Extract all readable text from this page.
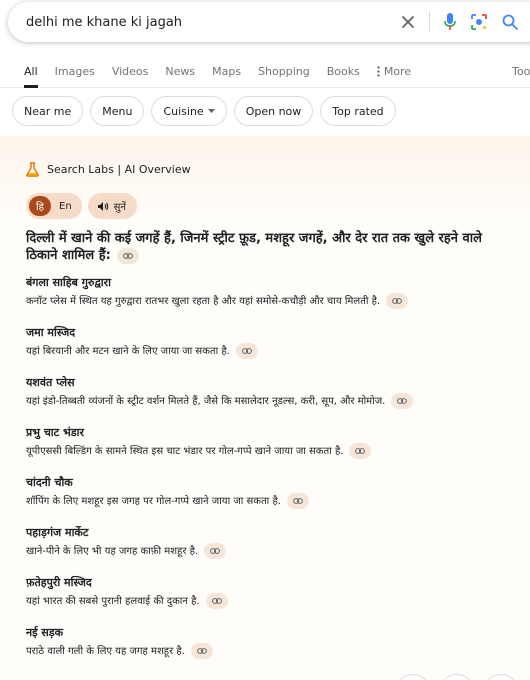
delhi me khane ki jagah
All Images Videos News Maps Shopping Books More	Too
Near me	Menu	Cuisine	Open now	Top rated
Search Labs | AI Overview
हि	En	सुनें
दिल्ली में खाने की कई जगहें हैं, जिनमें स्ट्रीट फ़ूड, मशहूर जगहें, और देर रात तक खुले रहने वाले ठिकाने शामिल हैं:
बंगला साहिब गुरुद्वारा
कनॉट प्लेस में स्थित यह गुरुद्वारा रातभर खुला रहता है और यहां समोसे-कचौड़ी और चाय मिलती है.
जमा मस्जिद
यहां बिरयानी और मटन खाने के लिए जाया जा सकता है.
यशवंत प्लेस
यहां इंडो-तिब्बती व्यंजनों के स्ट्रीट वर्शन मिलते हैं, जैसे कि मसालेदार नूडल्स, करी, सूप, और मोमोज.
प्रभु चाट भंडार
यूपीएससी बिल्डिंग के सामने स्थित इस चाट भंडार पर गोल-गप्पे खाने जाया जा सकता है.
चांदनी चौक
शॉपिंग के लिए मशहूर इस जगह पर गोल-गप्पे खाने जाया जा सकता है.
पहाड़गंज मार्केट
खाने-पीने के लिए भी यह जगह काफ़ी मशहूर है.
फ़तेहपुरी मस्जिद
यहां भारत की सबसे पुरानी हलवाई की दुकान है.
नई सड़क
पराठे वाली गली के लिए यह जगह मशहूर है.
